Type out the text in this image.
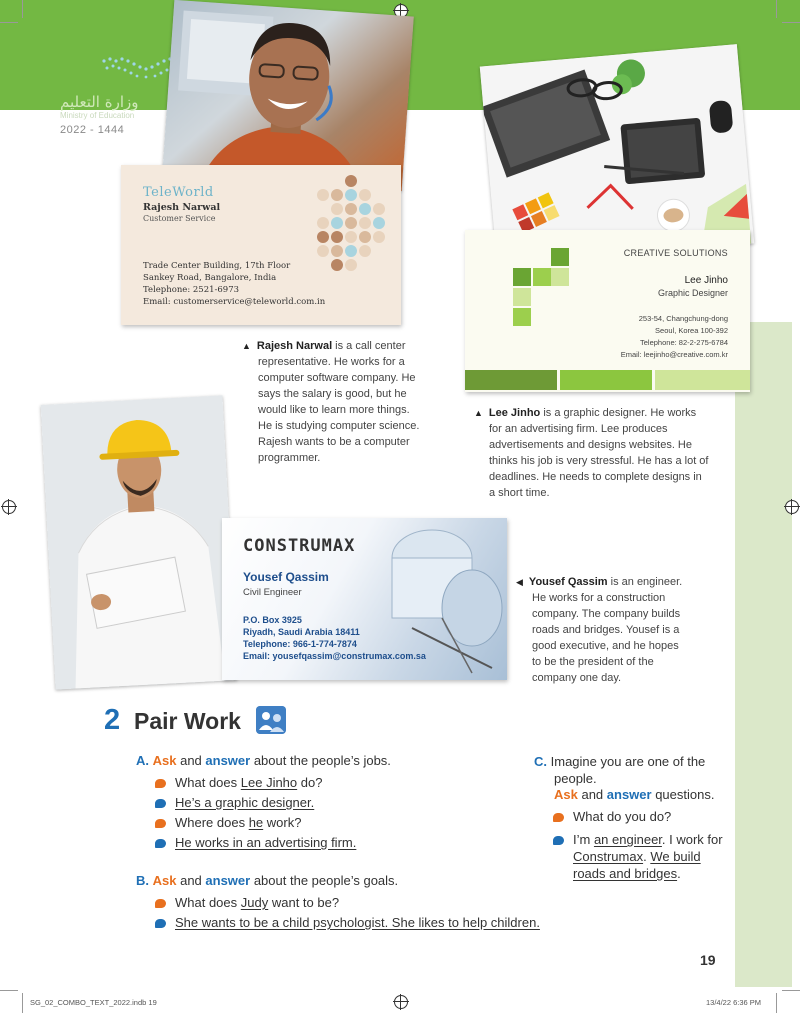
وزارة التعليم
Ministry of Education
2022 - 1444
TeleWorld
Rajesh Narwal
Customer Service
Trade Center Building, 17th Floor
Sankey Road, Bangalore, India
Telephone: 2521-6973
Email: customerservice@teleworld.com.in
CREATIVE SOLUTIONS
Lee Jinho
Graphic Designer
253-54, Changchung-dong
Seoul, Korea 100-392
Telephone: 82-2-275-6784
Email: leejinho@creative.com.kr
CONSTRUMAX
Yousef Qassim
Civil Engineer
P.O. Box 3925
Riyadh, Saudi Arabia 18411
Telephone: 966-1-774-7874
Email: yousefqassim@construmax.com.sa
▲ Rajesh Narwal is a call center
representative. He works for a
computer software company. He
says the salary is good, but he
would like to learn more things.
He is studying computer science.
Rajesh wants to be a computer
programmer.
▲ Lee Jinho is a graphic designer. He works
for an advertising firm. Lee produces
advertisements and designs websites. He
thinks his job is very stressful. He has a lot of
deadlines. He needs to complete designs in
a short time.
◀ Yousef Qassim is an engineer.
He works for a construction
company. The company builds
roads and bridges. Yousef is a
good executive, and he hopes
to be the president of the
company one day.
2 Pair Work
A. Ask and answer about the people’s jobs.
What does Lee Jinho do?
He’s a graphic designer.
Where does he work?
He works in an advertising firm.
B. Ask and answer about the people’s goals.
What does Judy want to be?
She wants to be a child psychologist. She likes to help children.
C. Imagine you are one of the
people.
Ask and answer questions.
What do you do?
I’m an engineer. I work for
Construmax. We build
roads and bridges.
19
SG_02_COMBO_TEXT_2022.indb 19	13/4/22 6:36 PM
